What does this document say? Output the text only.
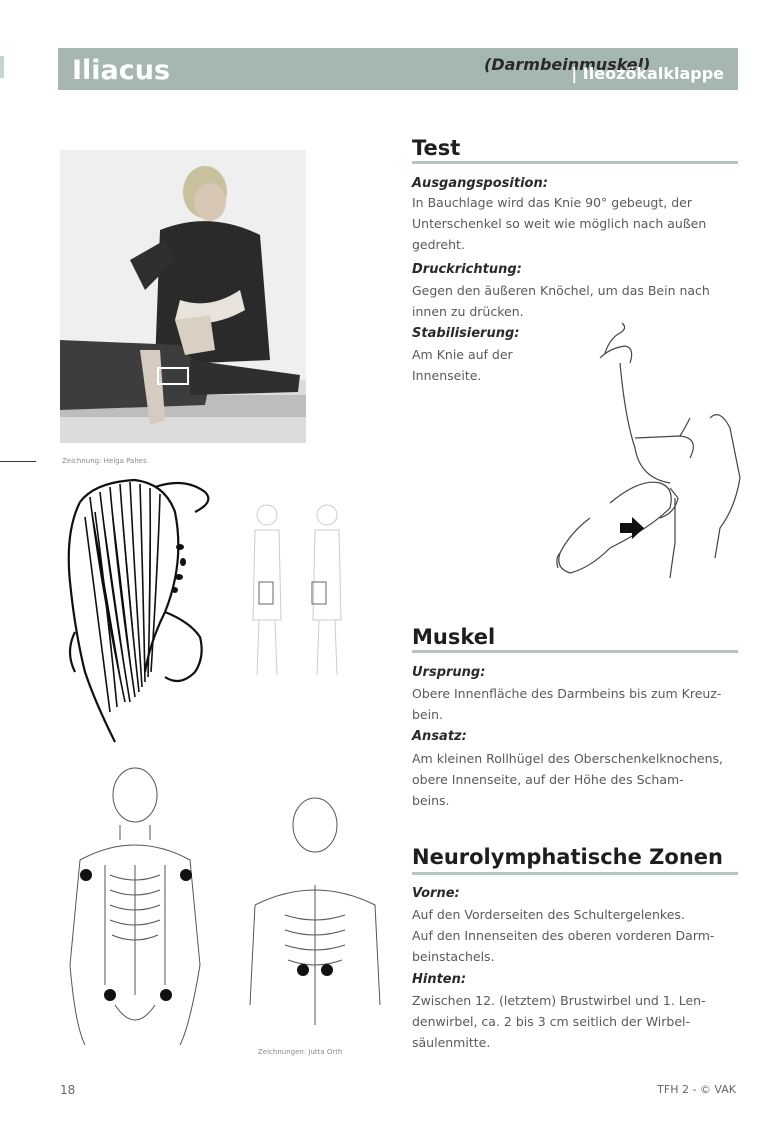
Iliacus	(Darmbeinmuskel)
| Ileozökalklappe
Zeichnung: Helga Pahes
Zeichnungen: Jutta Orth
Test
Ausgangsposition:
In Bauchlage wird das Knie 90° gebeugt, der
Unterschenkel so weit wie möglich nach außen
gedreht.
Druckrichtung:
Gegen den äußeren Knöchel, um das Bein nach
innen zu drücken.
Stabilisierung:
Am Knie auf der
Innenseite.
Muskel
Ursprung:
Obere Innenfläche des Darmbeins bis zum Kreuz-
bein.
Ansatz:
Am kleinen Rollhügel des Oberschenkelknochens,
obere Innenseite, auf der Höhe des Scham-
beins.
Neurolymphatische Zonen
Vorne:
Auf den Vorderseiten des Schultergelenkes.
Auf den Innenseiten des oberen vorderen Darm-
beinstachels.
Hinten:
Zwischen 12. (letztem) Brustwirbel und 1. Len-
denwirbel, ca. 2 bis 3 cm seitlich der Wirbel-
säulenmitte.
18	TFH 2 - © VAK
